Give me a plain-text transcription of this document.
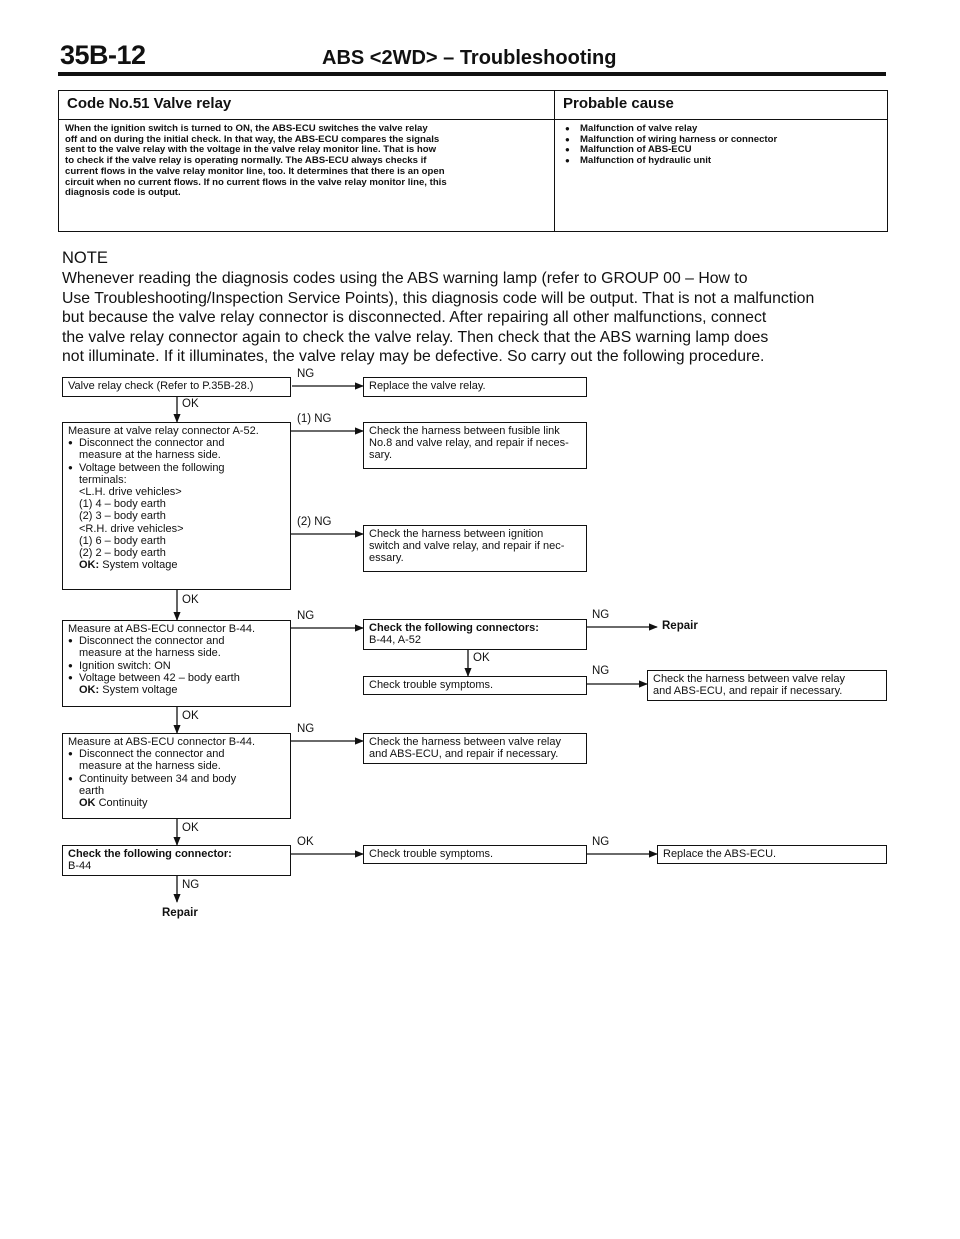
35B-12	ABS <2WD> – Troubleshooting
Code No.51 Valve relay	Probable cause
When the ignition switch is turned to ON, the ABS-ECU switches the valve relay
off and on during the initial check. In that way, the ABS-ECU compares the signals
sent to the valve relay with the voltage in the valve relay monitor line. That is how
to check if the valve relay is operating normally. The ABS-ECU always checks if
current flows in the valve relay monitor line, too. It determines that there is an open
circuit when no current flows. If no current flows in the valve relay monitor line, this
diagnosis code is output.
● Malfunction of valve relay
● Malfunction of wiring harness or connector
● Malfunction of ABS-ECU
● Malfunction of hydraulic unit
NOTE
Whenever reading the diagnosis codes using the ABS warning lamp (refer to GROUP 00 – How to
Use Troubleshooting/Inspection Service Points), this diagnosis code will be output. That is not a malfunction
but because the valve relay connector is disconnected. After repairing all other malfunctions, connect
the valve relay connector again to check the valve relay. Then check that the ABS warning lamp does
not illuminate. If it illuminates, the valve relay may be defective. So carry out the following procedure.
Valve relay check (Refer to P.35B-28.)	Replace the valve relay.
Measure at valve relay connector A-52.
● Disconnect the connector and
measure at the harness side.
● Voltage between the following
terminals:
<L.H. drive vehicles>
(1) 4 – body earth
(2) 3 – body earth
<R.H. drive vehicles>
(1) 6 – body earth
(2) 2 – body earth
OK: System voltage
Check the harness between fusible link
No.8 and valve relay, and repair if neces-
sary.
Check the harness between ignition
switch and valve relay, and repair if nec-
essary.
Measure at ABS-ECU connector B-44.
● Disconnect the connector and
measure at the harness side.
● Ignition switch: ON
● Voltage between 42 – body earth
OK: System voltage
Check the following connectors:
B-44, A-52
Repair
Check trouble symptoms.	Check the harness between valve relay
and ABS-ECU, and repair if necessary.
Measure at ABS-ECU connector B-44.
● Disconnect the connector and
measure at the harness side.
● Continuity between 34 and body
earth
OK Continuity
Check the harness between valve relay
and ABS-ECU, and repair if necessary.
Check the following connector:
B-44
Check trouble symptoms.	Replace the ABS-ECU.
Repair
NG
OK
(1) NG
(2) NG
OK
NG	NG
OK
NG
OK
NG
OK
OK	NG
NG
